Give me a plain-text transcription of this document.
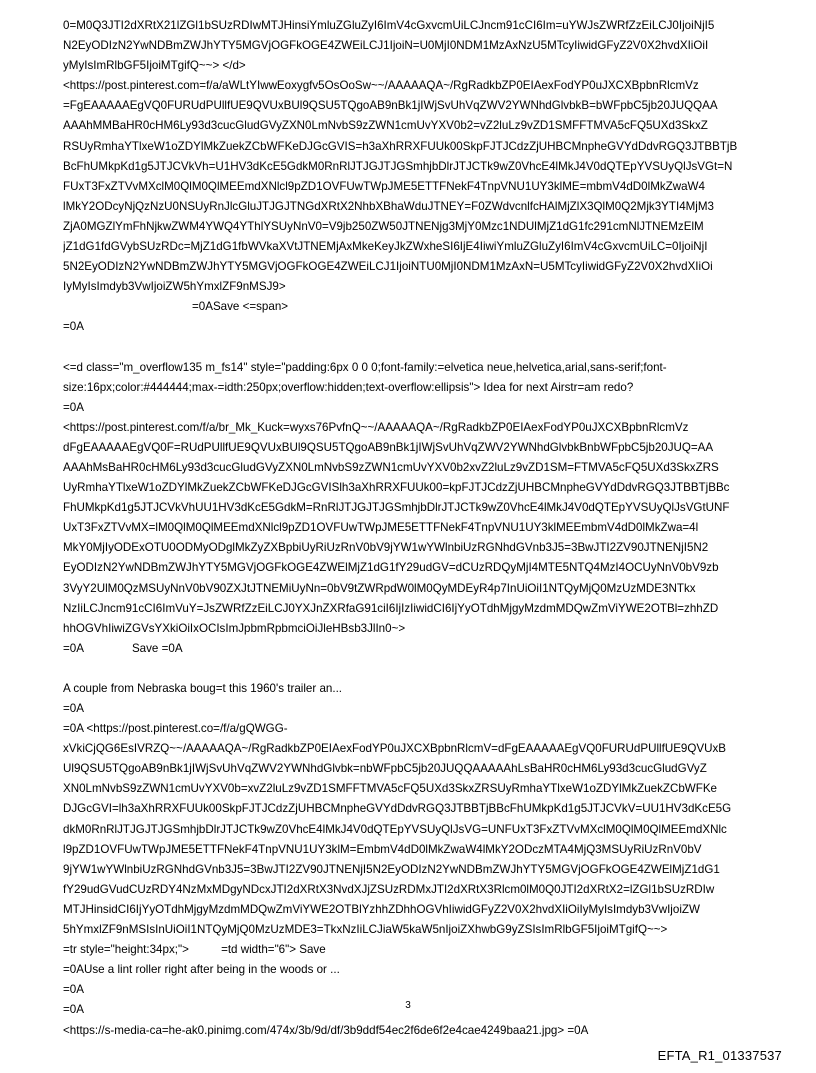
0=M0Q3JTI2dXRtX21lZGl1bSUzRDIwMTJHinsiYmluZGluZyI6ImV4cGxvcmUiLCJncm91cCI6Im=uYWJsZWRfZzEiLCJ0IjoiNjI5
N2EyODIzN2YwNDBmZWJhYTY5MGVjOGFkOGE4ZWEiLCJ1IjoiN=U0MjI0NDM1MzAxNzU5MTcyIiwidGFyZ2V0X2hvdXIiOiI
yMyIsImRlbGF5IjoiMTgifQ~~> </d>
<https://post.pinterest.com=f/a/aWLtYIwwEoxygfv5OsOoSw~~/AAAAAQA~/RgRadkbZP0EIAexFodYP0uJXCXBpbnRlcmVz
=FgEAAAAAEgVQ0FURUdPUllfUE9QVUxBUl9QSU5TQgoAB9nBk1jIWjSvUhVqZWV2YWNhdGlvbkB=bWFpbC5jb20JUQQAA
AAAhMMBaHR0cHM6Ly93d3cucGludGVyZXN0LmNvbS9zZWN1cmUvYXV0b2=vZ2luLz9vZD1SMFFTMVA5cFQ5UXd3SkxZ
RSUyRmhaYTlxeW1oZDYlMkZuekZCbWFKeDJGcGVIS=h3aXhRRXFUUk00SkpFJTJCdzZjUHBCMnpheGVYdDdvRGQ3JTBBTjB
BcFhUMkpKd1g5JTJCVkVh=U1HV3dKcE5GdkM0RnRlJTJGJTJGSmhjbDlrJTJCTk9wZ0VhcE4lMkJ4V0dQTEpYVSUyQlJsVGt=N
FUxT3FxZTVvMXclM0QlM0QlMEEmdXNlcl9pZD1OVFUwTWpJME5ETTFNekF4TnpVNU1UY3klME=mbmV4dD0lMkZwaW4
lMkY2ODcyNjQzNzU0NSUyRnJlcGluJTJGJTNGdXRtX2NhbXBhaWduJTNEY=F0ZWdvcnlfcHAlMjZlX3QlM0Q2Mjk3YTI4MjM3
ZjA0MGZlYmFhNjkwZWM4YWQ4YThlYSUyNnV0=V9jb250ZW50JTNENjg3MjY0Mzc1NDUlMjZ1dG1fc291cmNlJTNEMzElM
jZ1dG1fdGVybSUzRDc=MjZ1dG1fbWVkaXVtJTNEMjAxMkeKeyJkZWxheSI6IjE4IiwiYmluZGluZyI6ImV4cGxvcmUiLC=0IjoiNjI
5N2EyODIzN2YwNDBmZWJhYTY5MGVjOGFkOGE4ZWEiLCJ1IjoiNTU0MjI0NDM1MzAxN=U5MTcyIiwidGFyZ2V0X2hvdXIiOi
IyMyIsImdyb3VwIjoiZW5hYmxlZF9nMSJ9>
=0ASave <=span>
=0A
<=d class="m_overflow135 m_fs14" style="padding:6px 0 0 0;font-family:=elvetica neue,helvetica,arial,sans-serif;font-
size:16px;color:#444444;max-=idth:250px;overflow:hidden;text-overflow:ellipsis"> Idea for next Airstr=am redo?
=0A
<https://post.pinterest.com/f/a/br_Mk_Kuck=wyxs76PvfnQ~~/AAAAAQA~/RgRadkbZP0EIAexFodYP0uJXCXBpbnRlcmVz
dFgEAAAAAEgVQ0F=RUdPUllfUE9QVUxBUl9QSU5TQgoAB9nBk1jIWjSvUhVqZWV2YWNhdGlvbkBnbWFpbC5jb20JUQ=AA
AAAhMsBaHR0cHM6Ly93d3cucGludGVyZXN0LmNvbS9zZWN1cmUvYXV0b2xvZ2luLz9vZD1SM=FTMVA5cFQ5UXd3SkxZRS
UyRmhaYTlxeW1oZDYlMkZuekZCbWFKeDJGcGVISlh3aXhRRXFUUk00=kpFJTJCdzZjUHBCMnpheGVYdDdvRGQ3JTBBTjBBc
FhUMkpKd1g5JTJCVkVhUU1HV3dKcE5GdkM=RnRlJTJGJTJGSmhjbDlrJTJCTk9wZ0VhcE4lMkJ4V0dQTEpYVSUyQlJsVGtUNF
UxT3FxZTVvMX=lM0QlM0QlMEEmdXNlcl9pZD1OVFUwTWpJME5ETTFNekF4TnpVNU1UY3klMEEmbmV4dD0lMkZwa=4l
MkY0MjIyODExOTU0ODMyODglMkZyZXBpbiUyRiUzRnV0bV9jYW1wYWlnbiUzRGNhdGVnb3J5=3BwJTI2ZV90JTNENjI5N2
EyODIzN2YwNDBmZWJhYTY5MGVjOGFkOGE4ZWElMjZ1dG1fY29udGV=dCUzRDQyMjI4MTE5NTQ4MzI4OCUyNnV0bV9zb
3VyY2UlM0QzMSUyNnV0bV90ZXJtJTNEMiUyNn=0bV9tZWRpdW0lM0QyMDEyR4p7InUiOiI1NTQyMjQ0MzUzMDE3NTkx
NzIiLCJncm91cCI6ImVuY=JsZWRfZzEiLCJ0YXJnZXRfaG91ciI6IjIzIiwidCI6IjYyOTdhMjgyMzdmMDQwZmViYWE2OTBl=zhhZD
hhOGVhIiwiZGVsYXkiOiIxOCIsImJpbmRpbmciOiJleHBsb3JlIn0~>
=0A	Save =0A
A couple from Nebraska boug=t this 1960's trailer an...
=0A
=0A <https://post.pinterest.co=/f/a/gQWGG-
xVkiCjQG6EsIVRZQ~~/AAAAAQA~/RgRadkbZP0EIAexFodYP0uJXCXBpbnRlcmV=dFgEAAAAAEgVQ0FURUdPUllfUE9QVUxB
Ul9QSU5TQgoAB9nBk1jIWjSvUhVqZWV2YWNhdGlvbk=nbWFpbC5jb20JUQQAAAAAhLsBaHR0cHM6Ly93d3cucGludGVyZ
XN0LmNvbS9zZWN1cmUvYXV0b=xvZ2luLz9vZD1SMFFTMVA5cFQ5UXd3SkxZRSUyRmhaYTlxeW1oZDYlMkZuekZCbWFKe
DJGcGVI=lh3aXhRRXFUUk00SkpFJTJCdzZjUHBCMnpheGVYdDdvRGQ3JTBBTjBBcFhUMkpKd1g5JTJCVkV=UU1HV3dKcE5G
dkM0RnRlJTJGJTJGSmhjbDlrJTJCTk9wZ0VhcE4lMkJ4V0dQTEpYVSUyQlJsVG=UNFUxT3FxZTVvMXclM0QlM0QlMEEmdXNlc
l9pZD1OVFUwTWpJME5ETTFNekF4TnpVNU1UY3klM=EmbmV4dD0lMkZwaW4lMkY2ODczMTA4MjQ3MSUyRiUzRnV0bV
9jYW1wYWlnbiUzRGNhdGVnb3J5=3BwJTI2ZV90JTNENjI5N2EyODIzN2YwNDBmZWJhYTY5MGVjOGFkOGE4ZWElMjZ1dG1
fY29udGVudCUzRDY4NzMxMDgyNDcxJTI2dXRtX3NvdXJjZSUzRDMxJTI2dXRtX3Rlcm0lM0Q0JTI2dXRtX2=lZGl1bSUzRDIw
MTJHinsidCI6IjYyOTdhMjgyMzdmMDQwZmViYWE2OTBlYzhhZDhhOGVhIiwidGFyZ2V0X2hvdXIiOiIyMyIsImdyb3VwIjoiZW
5hYmxlZF9nMSIsInUiOiI1NTQyMjQ0MzUzMDE3=TkxNzIiLCJiaW5kaW5nIjoiZXhwbG9yZSIsImRlbGF5IjoiMTgifQ~~>
=tr style="height:34px;">          =td width="6"> Save
=0AUse a lint roller right after being in the woods or ...
=0A
=0A
<https://s-media-ca=he-ak0.pinimg.com/474x/3b/9d/df/3b9ddf54ec2f6de6f2e4cae4249baa21.jpg> =0A
3
EFTA_R1_01337537
